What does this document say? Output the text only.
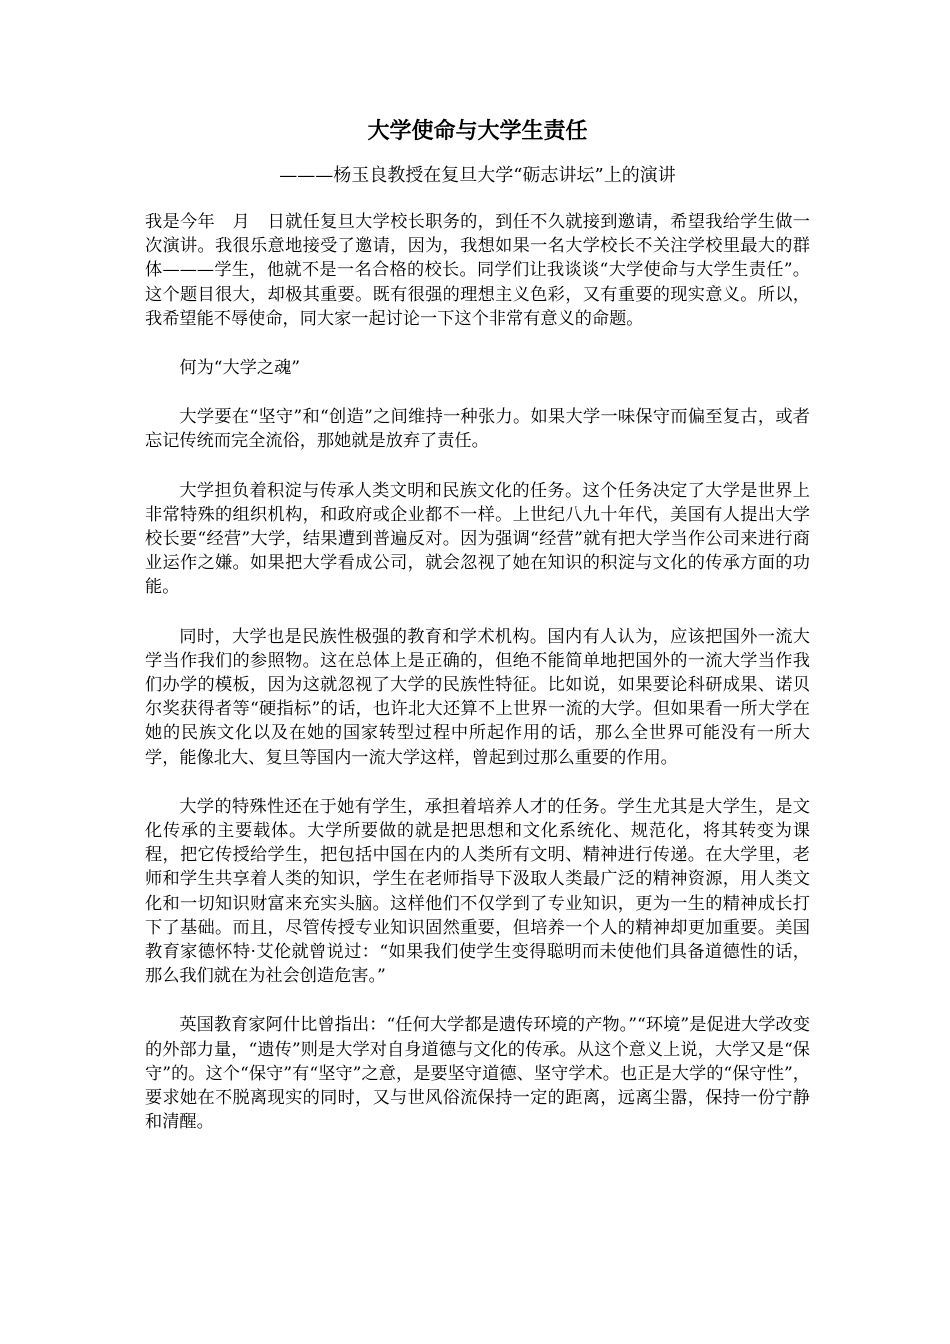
大学使命与大学生责任

———杨玉良教授在复旦大学“砺志讲坛”上的演讲

我是今年　月　日就任复旦大学校长职务的，到任不久就接到邀请，希望我给学生做一次演讲。我很乐意地接受了邀请，因为，我想如果一名大学校长不关注学校里最大的群体———学生，他就不是一名合格的校长。同学们让我谈谈“大学使命与大学生责任”。这个题目很大，却极其重要。既有很强的理想主义色彩，又有重要的现实意义。所以，我希望能不辱使命，同大家一起讨论一下这个非常有意义的命题。

何为“大学之魂”

大学要在“坚守”和“创造”之间维持一种张力。如果大学一味保守而偏至复古，或者忘记传统而完全流俗，那她就是放弃了责任。

大学担负着积淀与传承人类文明和民族文化的任务。这个任务决定了大学是世界上非常特殊的组织机构，和政府或企业都不一样。上世纪八九十年代，美国有人提出大学校长要“经营”大学，结果遭到普遍反对。因为强调“经营”就有把大学当作公司来进行商业运作之嫌。如果把大学看成公司，就会忽视了她在知识的积淀与文化的传承方面的功能。

同时，大学也是民族性极强的教育和学术机构。国内有人认为，应该把国外一流大学当作我们的参照物。这在总体上是正确的，但绝不能简单地把国外的一流大学当作我们办学的模板，因为这就忽视了大学的民族性特征。比如说，如果要论科研成果、诺贝尔奖获得者等“硬指标”的话，也许北大还算不上世界一流的大学。但如果看一所大学在她的民族文化以及在她的国家转型过程中所起作用的话，那么全世界可能没有一所大学，能像北大、复旦等国内一流大学这样，曾起到过那么重要的作用。

大学的特殊性还在于她有学生，承担着培养人才的任务。学生尤其是大学生，是文化传承的主要载体。大学所要做的就是把思想和文化系统化、规范化，将其转变为课程，把它传授给学生，把包括中国在内的人类所有文明、精神进行传递。在大学里，老师和学生共享着人类的知识，学生在老师指导下汲取人类最广泛的精神资源，用人类文化和一切知识财富来充实头脑。这样他们不仅学到了专业知识，更为一生的精神成长打下了基础。而且，尽管传授专业知识固然重要，但培养一个人的精神却更加重要。美国教育家德怀特·艾伦就曾说过：“如果我们使学生变得聪明而未使他们具备道德性的话，那么我们就在为社会创造危害。”

英国教育家阿什比曾指出：“任何大学都是遗传环境的产物。”“环境”是促进大学改变的外部力量，“遗传”则是大学对自身道德与文化的传承。从这个意义上说，大学又是“保守”的。这个“保守”有“坚守”之意，是要坚守道德、坚守学术。也正是大学的“保守性”，要求她在不脱离现实的同时，又与世风俗流保持一定的距离，远离尘嚣，保持一份宁静和清醒。
